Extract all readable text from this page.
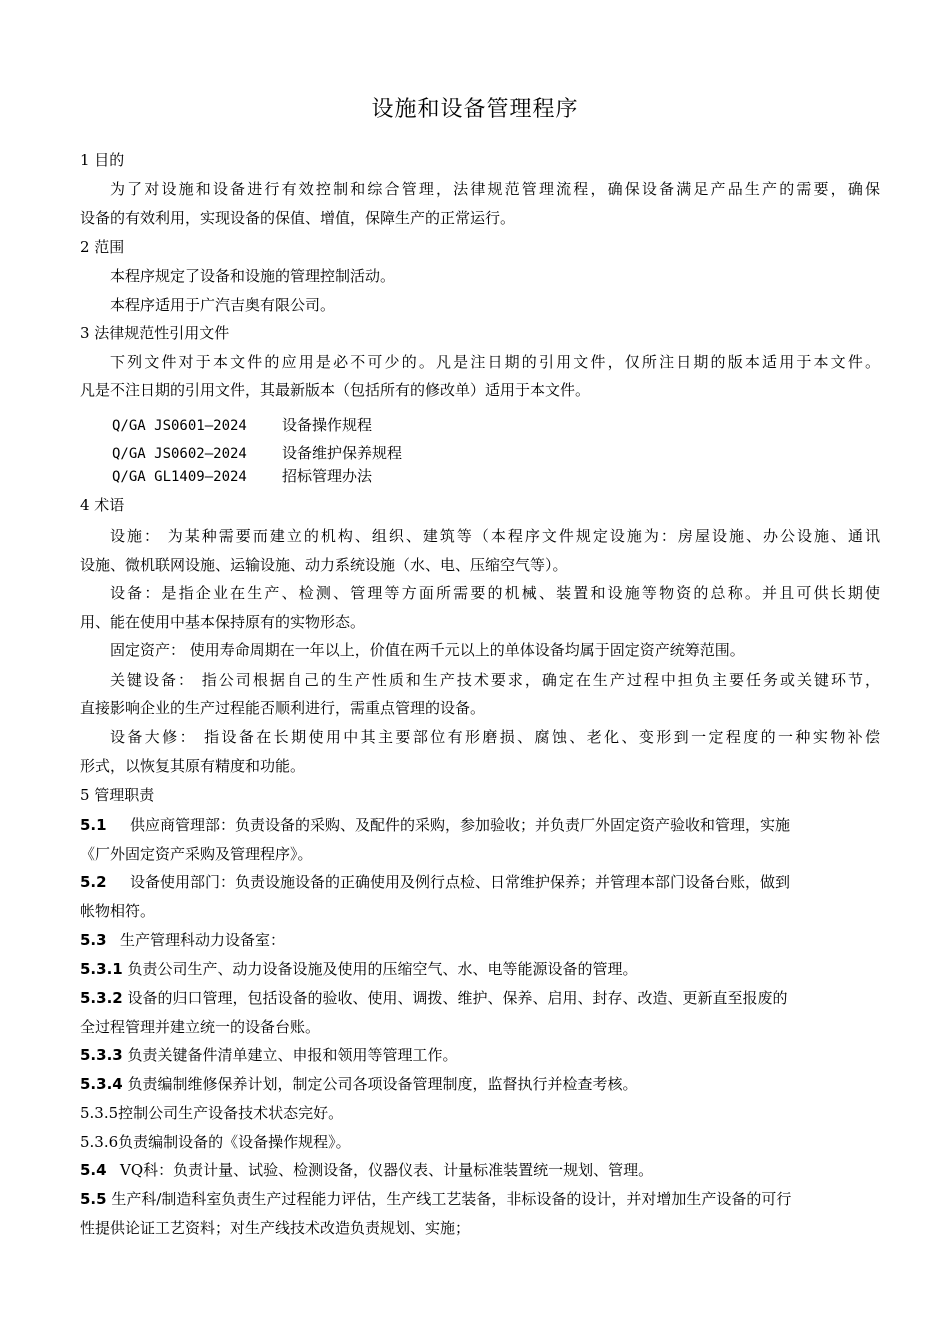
设施和设备管理程序
1 目的
为了对设施和设备进行有效控制和综合管理，法律规范管理流程，确保设备满足产品生产的需要，确保
设备的有效利用，实现设备的保值、增值，保障生产的正常运行。
2 范围
本程序规定了设备和设施的管理控制活动。
本程序适用于广汽吉奥有限公司。
3 法律规范性引用文件
下列文件对于本文件的应用是必不可少的。凡是注日期的引用文件，仅所注日期的版本适用于本文件。
凡是不注日期的引用文件，其最新版本（包括所有的修改单）适用于本文件。
Q/GA JS0601—2024 设备操作规程
Q/GA JS0602—2024 设备维护保养规程
Q/GA GL1409—2024 招标管理办法
4 术语
设施： 为某种需要而建立的机构、组织、建筑等（本程序文件规定设施为：房屋设施、办公设施、通讯
设施、微机联网设施、运输设施、动力系统设施（水、电、压缩空气等）。
设备：是指企业在生产、检测、管理等方面所需要的机械、装置和设施等物资的总称。并且可供长期使
用、能在使用中基本保持原有的实物形态。
固定资产： 使用寿命周期在一年以上，价值在两千元以上的单体设备均属于固定资产统筹范围。
关键设备： 指公司根据自己的生产性质和生产技术要求，确定在生产过程中担负主要任务或关键环节，
直接影响企业的生产过程能否顺利进行，需重点管理的设备。
设备大修： 指设备在长期使用中其主要部位有形磨损、腐蚀、老化、变形到一定程度的一种实物补偿
形式，以恢复其原有精度和功能。
5 管理职责
5.1 供应商管理部：负责设备的采购、及配件的采购，参加验收；并负责厂外固定资产验收和管理，实施
《厂外固定资产采购及管理程序》。
5.2 设备使用部门：负责设施设备的正确使用及例行点检、日常维护保养；并管理本部门设备台账，做到
帐物相符。
5.3 生产管理科动力设备室：
5.3.1 负责公司生产、动力设备设施及使用的压缩空气、水、电等能源设备的管理。
5.3.2 设备的归口管理，包括设备的验收、使用、调拨、维护、保养、启用、封存、改造、更新直至报废的
全过程管理并建立统一的设备台账。
5.3.3 负责关键备件清单建立、申报和领用等管理工作。
5.3.4 负责编制维修保养计划，制定公司各项设备管理制度，监督执行并检查考核。
5.3.5控制公司生产设备技术状态完好。
5.3.6负责编制设备的《设备操作规程》。
5.4 VQ科：负责计量、试验、检测设备，仪器仪表、计量标准装置统一规划、管理。
5.5 生产科/制造科室负责生产过程能力评估，生产线工艺装备，非标设备的设计，并对增加生产设备的可行
性提供论证工艺资料；对生产线技术改造负责规划、实施；
